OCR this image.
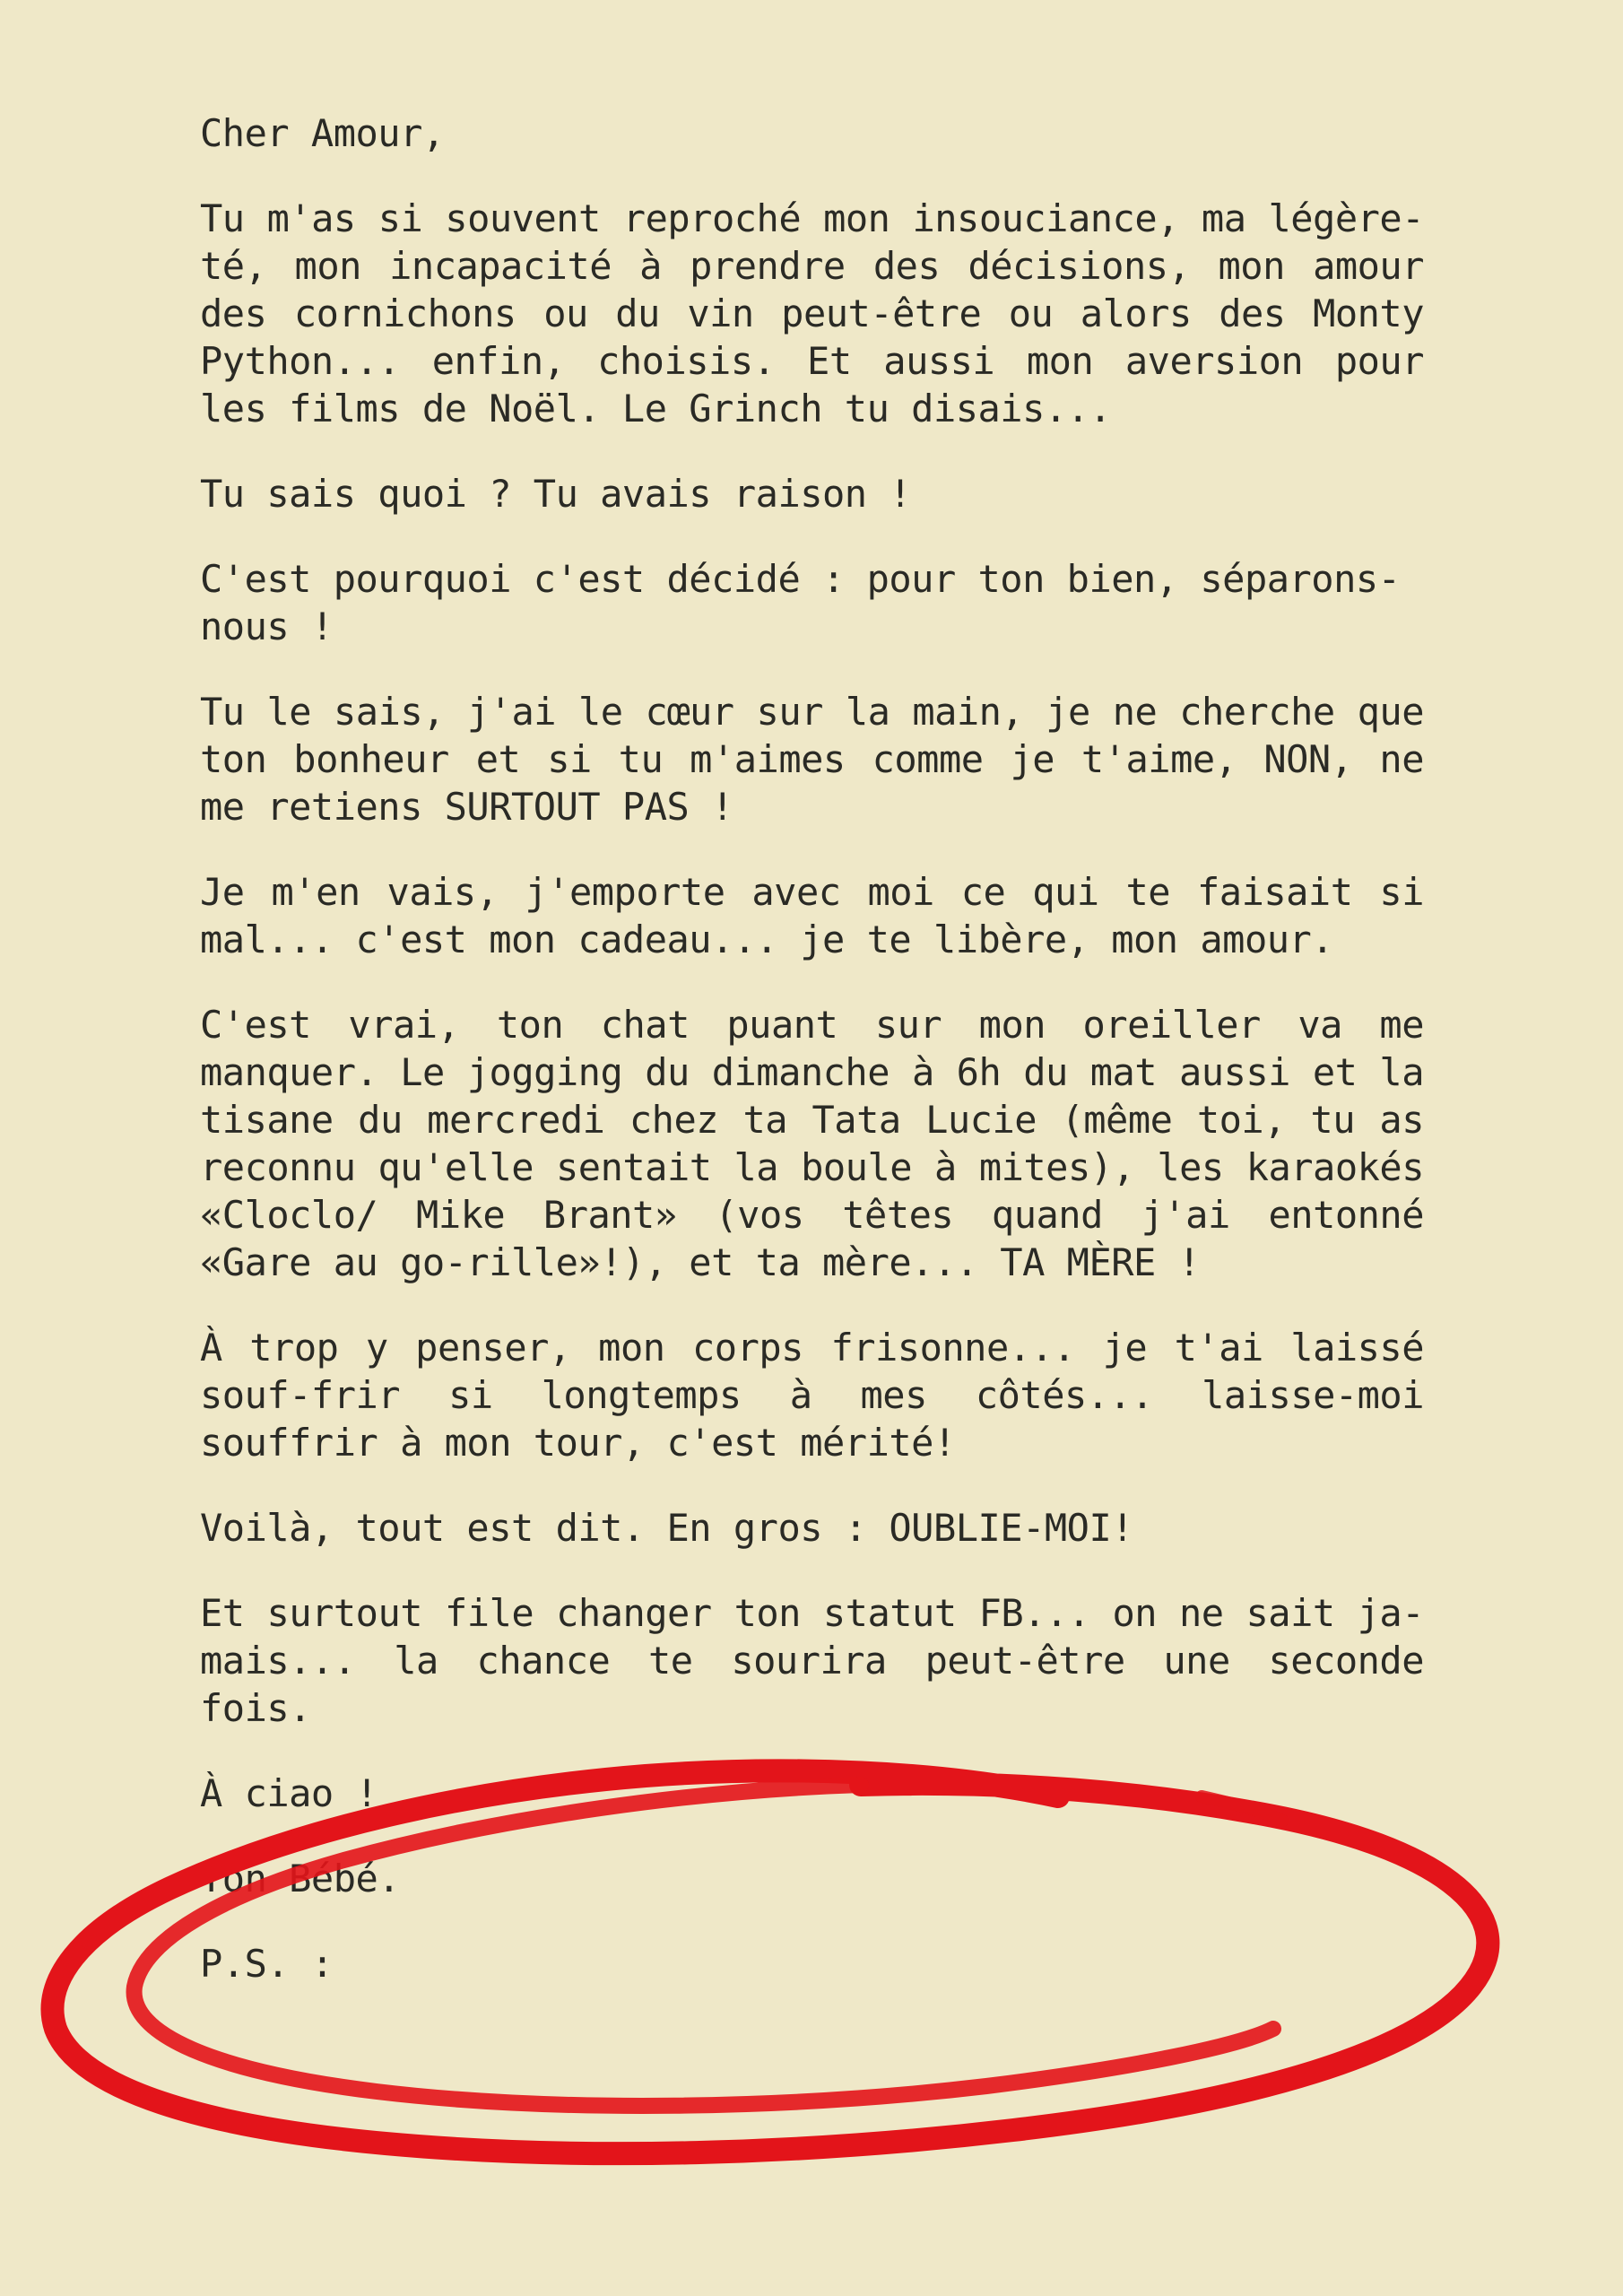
Cher Amour,

Tu m'as si souvent reproché mon insouciance, ma légère-té, mon incapacité à prendre des décisions, mon amour des cornichons ou du vin peut-être ou alors des Monty Python... enfin, choisis. Et aussi mon aversion pour les films de Noël. Le Grinch tu disais...

Tu sais quoi ? Tu avais raison !

C'est pourquoi c'est décidé : pour ton bien, séparons-nous !

Tu le sais, j'ai le cœur sur la main, je ne cherche que ton bonheur et si tu m'aimes comme je t'aime, NON, ne me retiens SURTOUT PAS !

Je m'en vais, j'emporte avec moi ce qui te faisait si mal... c'est mon cadeau... je te libère, mon amour.

C'est vrai, ton chat puant sur mon oreiller va me manquer. Le jogging du dimanche à 6h du mat aussi et la tisane du mercredi chez ta Tata Lucie (même toi, tu as reconnu qu'elle sentait la boule à mites), les karaokés «Cloclo/ Mike Brant» (vos têtes quand j'ai entonné «Gare au go-rille»!), et ta mère... TA MÈRE !

À trop y penser, mon corps frisonne... je t'ai laissé souf-frir si longtemps à mes côtés... laisse-moi souffrir à mon tour, c'est mérité!

Voilà, tout est dit. En gros : OUBLIE-MOI!

Et surtout file changer ton statut FB... on ne sait ja-mais... la chance te sourira peut-être une seconde fois.

À ciao !

Ton Bébé.

P.S. :
